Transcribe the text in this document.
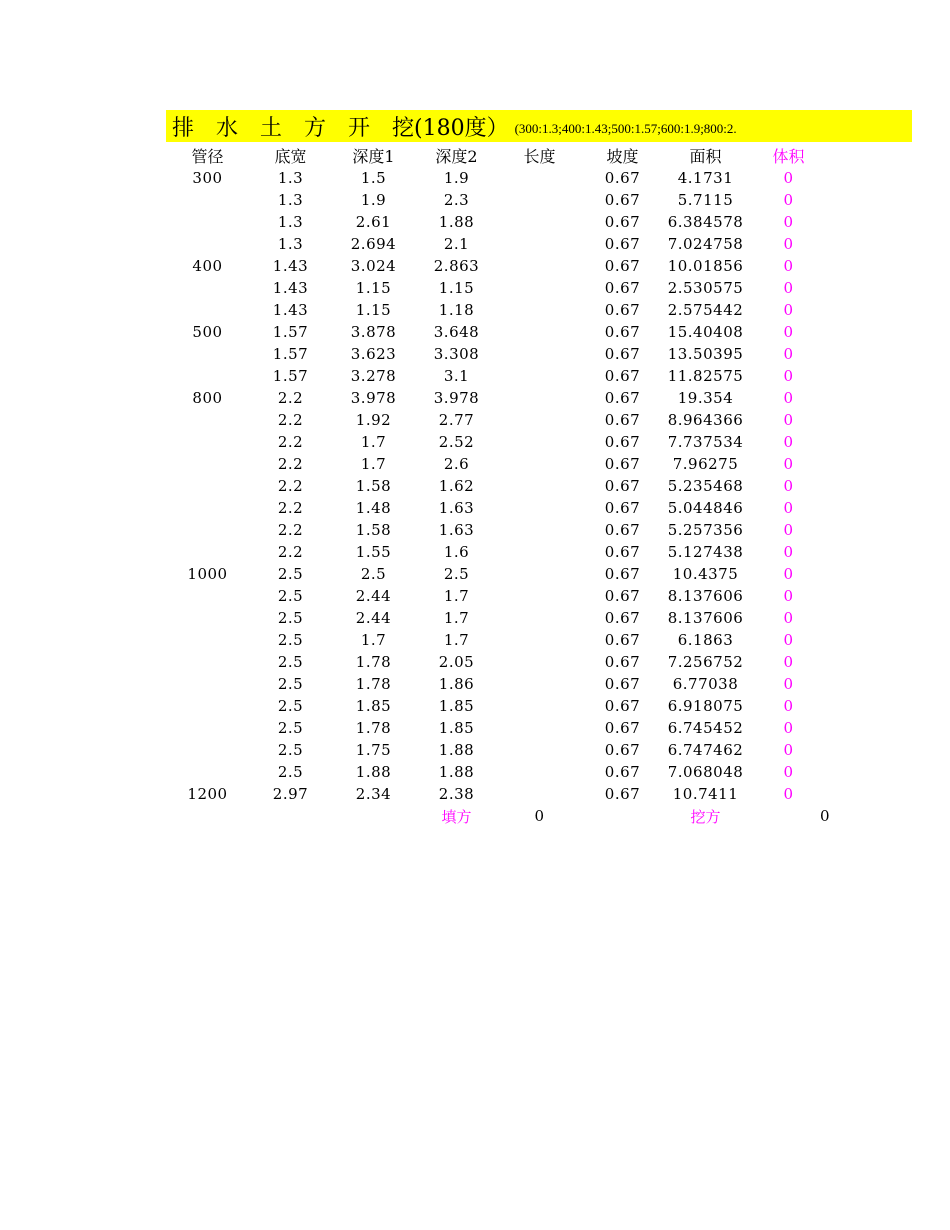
排　水　土　方　开　挖(180度） (300:1.3;400:1.43;500:1.57;600:1.9;800:2.
管径	底宽	深度1	深度2	长度	坡度	面积	体积
300	1.3	1.5	1.9		0.67	4.1731	0
	1.3	1.9	2.3		0.67	5.7115	0
	1.3	2.61	1.88		0.67	6.384578	0
	1.3	2.694	2.1		0.67	7.024758	0
400	1.43	3.024	2.863		0.67	10.01856	0
	1.43	1.15	1.15		0.67	2.530575	0
	1.43	1.15	1.18		0.67	2.575442	0
500	1.57	3.878	3.648		0.67	15.40408	0
	1.57	3.623	3.308		0.67	13.50395	0
	1.57	3.278	3.1		0.67	11.82575	0
800	2.2	3.978	3.978		0.67	19.354	0
	2.2	1.92	2.77		0.67	8.964366	0
	2.2	1.7	2.52		0.67	7.737534	0
	2.2	1.7	2.6		0.67	7.96275	0
	2.2	1.58	1.62		0.67	5.235468	0
	2.2	1.48	1.63		0.67	5.044846	0
	2.2	1.58	1.63		0.67	5.257356	0
	2.2	1.55	1.6		0.67	5.127438	0
1000	2.5	2.5	2.5		0.67	10.4375	0
	2.5	2.44	1.7		0.67	8.137606	0
	2.5	2.44	1.7		0.67	8.137606	0
	2.5	1.7	1.7		0.67	6.1863	0
	2.5	1.78	2.05		0.67	7.256752	0
	2.5	1.78	1.86		0.67	6.77038	0
	2.5	1.85	1.85		0.67	6.918075	0
	2.5	1.78	1.85		0.67	6.745452	0
	2.5	1.75	1.88		0.67	6.747462	0
	2.5	1.88	1.88		0.67	7.068048	0
1200	2.97	2.34	2.38		0.67	10.7411	0
			填方	0		挖方	0
